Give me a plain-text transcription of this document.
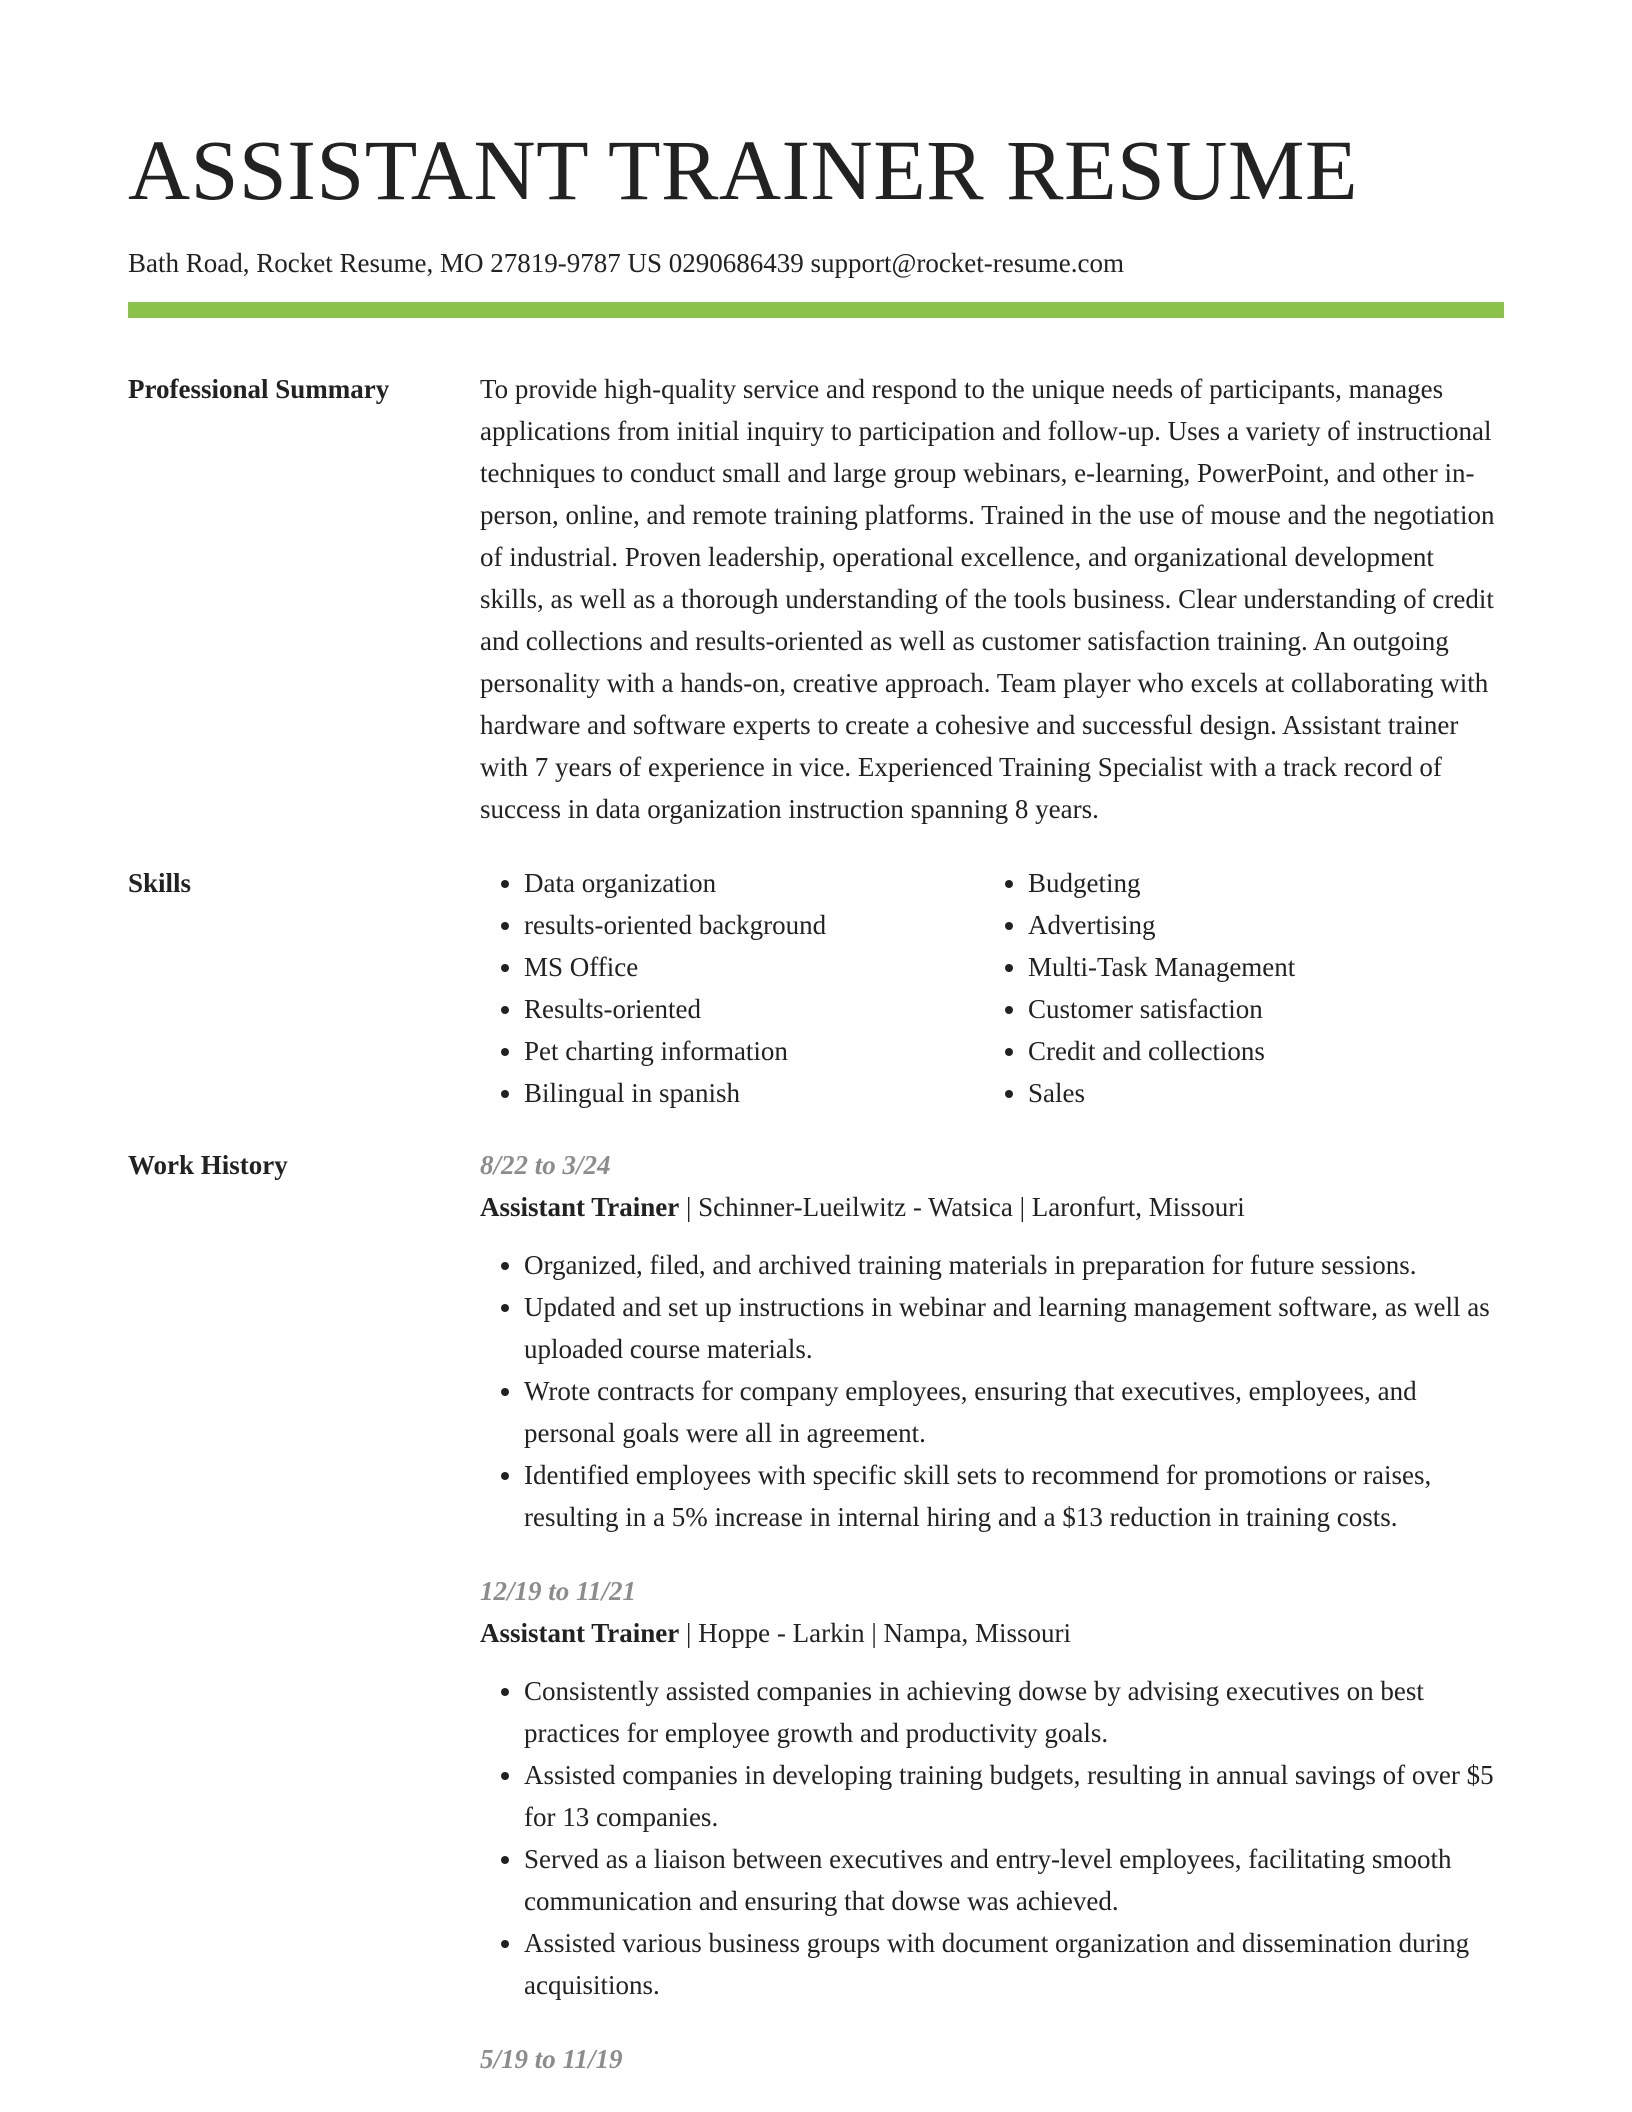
ASSISTANT TRAINER RESUME
Bath Road, Rocket Resume, MO 27819-9787 US 0290686439 support@rocket-resume.com
Professional Summary	To provide high-quality service and respond to the unique needs of participants, manages applications from initial inquiry to participation and follow-up. Uses a variety of instructional techniques to conduct small and large group webinars, e-learning, PowerPoint, and other in-person, online, and remote training platforms. Trained in the use of mouse and the negotiation of industrial. Proven leadership, operational excellence, and organizational development skills, as well as a thorough understanding of the tools business. Clear understanding of credit and collections and results-oriented as well as customer satisfaction training. An outgoing personality with a hands-on, creative approach. Team player who excels at collaborating with hardware and software experts to create a cohesive and successful design. Assistant trainer with 7 years of experience in vice. Experienced Training Specialist with a track record of success in data organization instruction spanning 8 years.
Skills
•	Data organization
• results-oriented background
• MS Office
• Results-oriented
• Pet charting information
• Bilingual in spanish
• Budgeting
• Advertising
• Multi-Task Management
• Customer satisfaction
• Credit and collections
• Sales
Work History	8/22 to 3/24
Assistant Trainer | Schinner-Lueilwitz - Watsica | Laronfurt, Missouri
• Organized, filed, and archived training materials in preparation for future sessions.
• Updated and set up instructions in webinar and learning management software, as well as uploaded course materials.
• Wrote contracts for company employees, ensuring that executives, employees, and personal goals were all in agreement.
• Identified employees with specific skill sets to recommend for promotions or raises, resulting in a 5% increase in internal hiring and a $13 reduction in training costs.
12/19 to 11/21
Assistant Trainer | Hoppe - Larkin | Nampa, Missouri
• Consistently assisted companies in achieving dowse by advising executives on best practices for employee growth and productivity goals.
• Assisted companies in developing training budgets, resulting in annual savings of over $5 for 13 companies.
• Served as a liaison between executives and entry-level employees, facilitating smooth communication and ensuring that dowse was achieved.
• Assisted various business groups with document organization and dissemination during acquisitions.
5/19 to 11/19
